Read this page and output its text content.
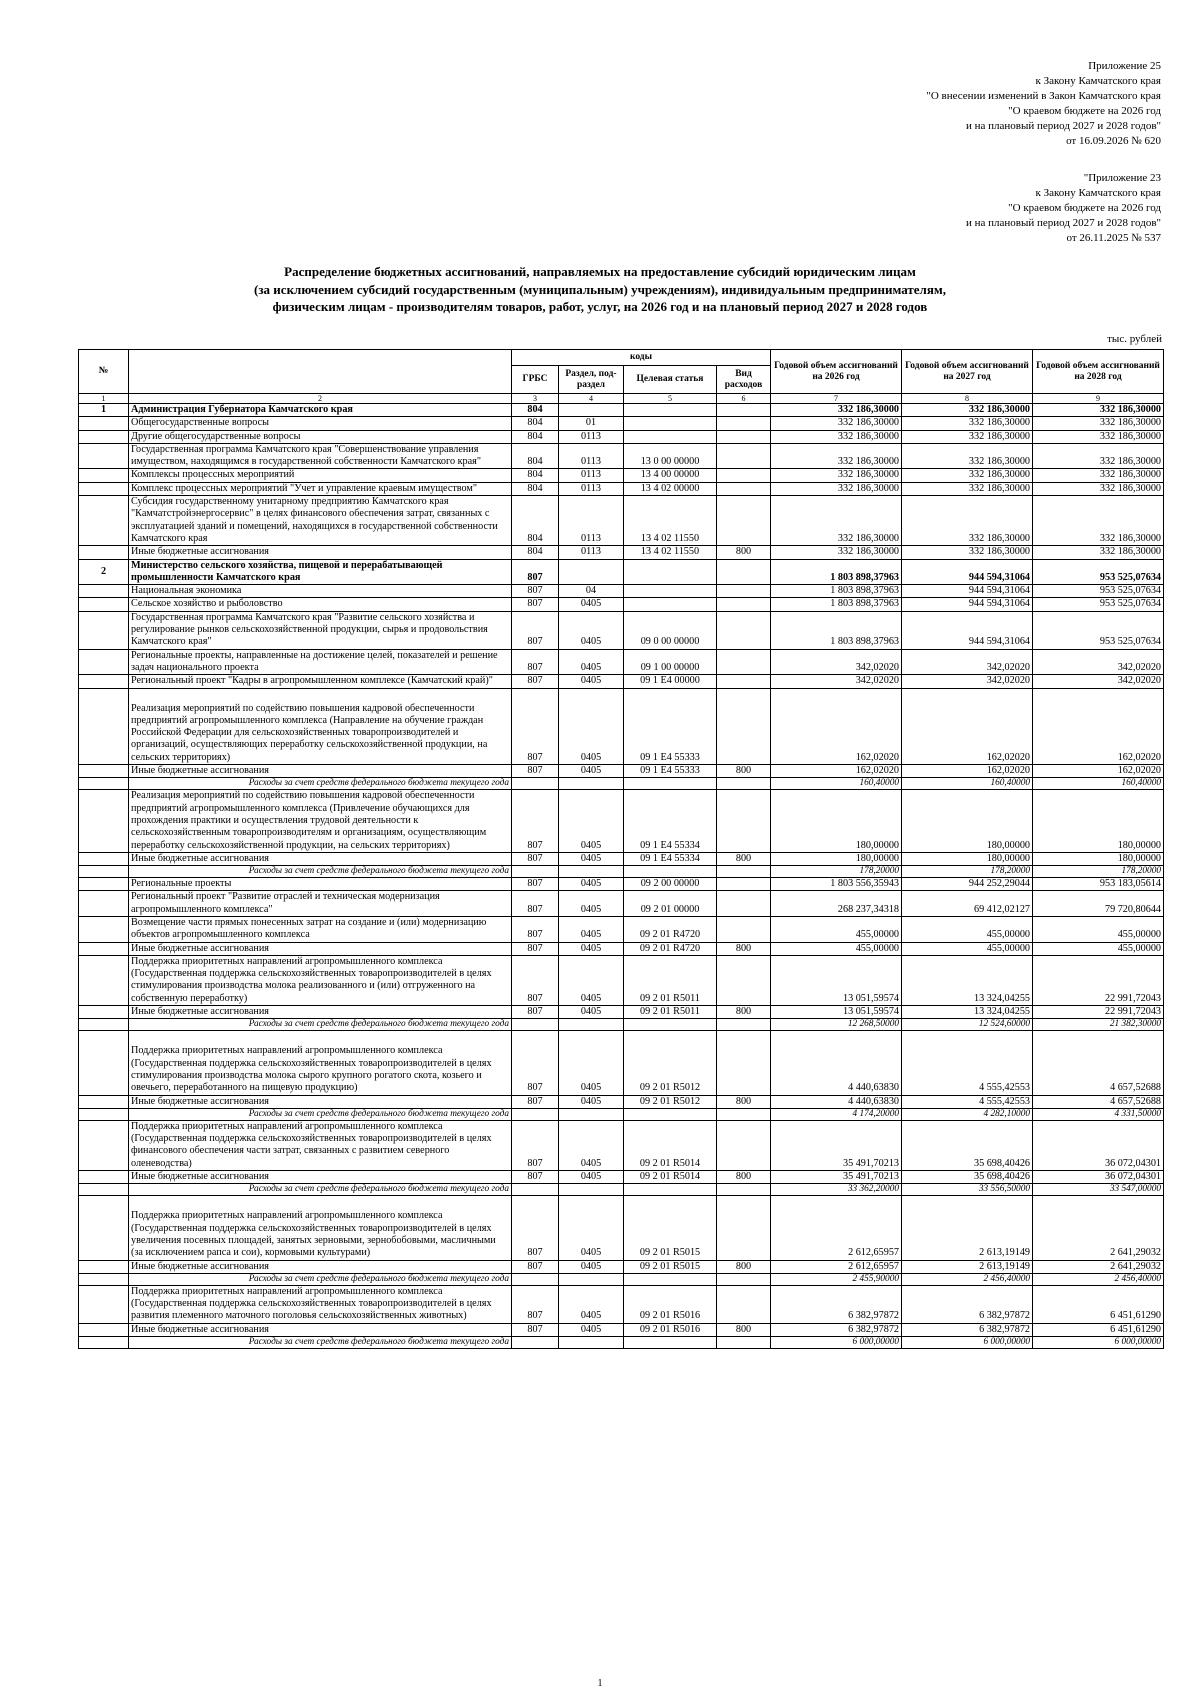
Приложение 25
к Закону Камчатского края
"О внесении изменений в Закон Камчатского края
"О краевом бюджете на 2026 год
и на плановый период 2027 и 2028 годов"
от 16.09.2026 № 620
"Приложение 23
к Закону Камчатского края
"О краевом бюджете на 2026 год
и на плановый период 2027 и 2028 годов"
от 26.11.2025 № 537
Распределение бюджетных ассигнований, направляемых на предоставление субсидий юридическим лицам
(за исключением субсидий государственным (муниципальным) учреждениям), индивидуальным предпринимателям,
физическим лицам - производителям товаров, работ, услуг, на 2026 год и на плановый период 2027 и 2028 годов
тыс. рублей
№		коды				Годовой объем ассигнований на 2026 год	Годовой объем ассигнований на 2027 год	Годовой объем ассигнований на 2028 год
		ГРБС	Раздел, под-раздел	Целевая статья	Вид расходов			
1	2	3	4	5	6	7	8	9
1	Администрация Губернатора Камчатского края	804				332 186,30000	332 186,30000	332 186,30000
	Общегосударственные вопросы	804	01			332 186,30000	332 186,30000	332 186,30000
	Другие общегосударственные вопросы	804	0113			332 186,30000	332 186,30000	332 186,30000
	Государственная программа Камчатского края "Совершенствование управления имуществом, находящимся в государственной собственности Камчатского края"	804	0113	13 0 00 00000		332 186,30000	332 186,30000	332 186,30000
	Комплексы процессных мероприятий	804	0113	13 4 00 00000		332 186,30000	332 186,30000	332 186,30000
	Комплекс процессных мероприятий "Учет и управление краевым имуществом"	804	0113	13 4 02 00000		332 186,30000	332 186,30000	332 186,30000
	Субсидия государственному унитарному предприятию Камчатского края "Камчатстройэнергосервис" в целях финансового обеспечения затрат, связанных с эксплуатацией зданий и помещений, находящихся в государственной собственности Камчатского края	804	0113	13 4 02 11550		332 186,30000	332 186,30000	332 186,30000
	Иные бюджетные ассигнования	804	0113	13 4 02 11550	800	332 186,30000	332 186,30000	332 186,30000
2	Министерство сельского хозяйства, пищевой и перерабатывающей промышленности Камчатского края	807				1 803 898,37963	944 594,31064	953 525,07634
	Национальная экономика	807	04			1 803 898,37963	944 594,31064	953 525,07634
	Сельское хозяйство и рыболовство	807	0405			1 803 898,37963	944 594,31064	953 525,07634
	Государственная программа Камчатского края "Развитие сельского хозяйства и регулирование рынков сельскохозяйственной продукции, сырья и продовольствия Камчатского края"	807	0405	09 0 00 00000		1 803 898,37963	944 594,31064	953 525,07634
	Региональные проекты, направленные на достижение целей, показателей и решение задач национального проекта	807	0405	09 1 00 00000		342,02020	342,02020	342,02020
	Региональный проект "Кадры в агропромышленном комплексе (Камчатский край)"	807	0405	09 1 E4 00000		342,02020	342,02020	342,02020
	Реализация мероприятий по содействию повышения кадровой обеспеченности предприятий агропромышленного комплекса (Направление на обучение граждан Российской Федерации для сельскохозяйственных товаропроизводителей и организаций, осуществляющих переработку сельскохозяйственной продукции, на сельских территориях)	807	0405	09 1 E4 55333		162,02020	162,02020	162,02020
	Иные бюджетные ассигнования	807	0405	09 1 E4 55333	800	162,02020	162,02020	162,02020
	Расходы за счет средств федерального бюджета текущего года					160,40000	160,40000	160,40000
	Реализация мероприятий по содействию повышения кадровой обеспеченности предприятий агропромышленного комплекса (Привлечение обучающихся для прохождения практики и осуществления трудовой деятельности к сельскохозяйственным товаропроизводителям и организациям, осуществляющим переработку сельскохозяйственной продукции, на сельских территориях)	807	0405	09 1 E4 55334		180,00000	180,00000	180,00000
	Иные бюджетные ассигнования	807	0405	09 1 E4 55334	800	180,00000	180,00000	180,00000
	Расходы за счет средств федерального бюджета текущего года					178,20000	178,20000	178,20000
	Региональные проекты	807	0405	09 2 00 00000		1 803 556,35943	944 252,29044	953 183,05614
	Региональный проект "Развитие отраслей и техническая модернизация агропромышленного комплекса"	807	0405	09 2 01 00000		268 237,34318	69 412,02127	79 720,80644
	Возмещение части прямых понесенных затрат на создание и (или) модернизацию объектов агропромышленного комплекса	807	0405	09 2 01 R4720		455,00000	455,00000	455,00000
	Иные бюджетные ассигнования	807	0405	09 2 01 R4720	800	455,00000	455,00000	455,00000
	Поддержка приоритетных направлений агропромышленного комплекса (Государственная поддержка сельскохозяйственных товаропроизводителей в целях стимулирования производства молока реализованного и (или) отгруженного на собственную переработку)	807	0405	09 2 01 R5011		13 051,59574	13 324,04255	22 991,72043
	Иные бюджетные ассигнования	807	0405	09 2 01 R5011	800	13 051,59574	13 324,04255	22 991,72043
	Расходы за счет средств федерального бюджета текущего года					12 268,50000	12 524,60000	21 382,30000
	Поддержка приоритетных направлений агропромышленного комплекса (Государственная поддержка сельскохозяйственных товаропроизводителей в целях стимулирования производства молока сырого крупного рогатого скота, козьего и овечьего, переработанного на пищевую продукцию)	807	0405	09 2 01 R5012		4 440,63830	4 555,42553	4 657,52688
	Иные бюджетные ассигнования	807	0405	09 2 01 R5012	800	4 440,63830	4 555,42553	4 657,52688
	Расходы за счет средств федерального бюджета текущего года					4 174,20000	4 282,10000	4 331,50000
	Поддержка приоритетных направлений агропромышленного комплекса (Государственная поддержка сельскохозяйственных товаропроизводителей в целях финансового обеспечения части затрат, связанных с развитием северного оленеводства)	807	0405	09 2 01 R5014		35 491,70213	35 698,40426	36 072,04301
	Иные бюджетные ассигнования	807	0405	09 2 01 R5014	800	35 491,70213	35 698,40426	36 072,04301
	Расходы за счет средств федерального бюджета текущего года					33 362,20000	33 556,50000	33 547,00000
	Поддержка приоритетных направлений агропромышленного комплекса (Государственная поддержка сельскохозяйственных товаропроизводителей в целях увеличения посевных площадей, занятых зерновыми, зернобобовыми, масличными (за исключением рапса и сои), кормовыми культурами)	807	0405	09 2 01 R5015		2 612,65957	2 613,19149	2 641,29032
	Иные бюджетные ассигнования	807	0405	09 2 01 R5015	800	2 612,65957	2 613,19149	2 641,29032
	Расходы за счет средств федерального бюджета текущего года					2 455,90000	2 456,40000	2 456,40000
	Поддержка приоритетных направлений агропромышленного комплекса (Государственная поддержка сельскохозяйственных товаропроизводителей в целях развития племенного маточного поголовья сельскохозяйственных животных)	807	0405	09 2 01 R5016		6 382,97872	6 382,97872	6 451,61290
	Иные бюджетные ассигнования	807	0405	09 2 01 R5016	800	6 382,97872	6 382,97872	6 451,61290
	Расходы за счет средств федерального бюджета текущего года					6 000,00000	6 000,00000	6 000,00000
1
